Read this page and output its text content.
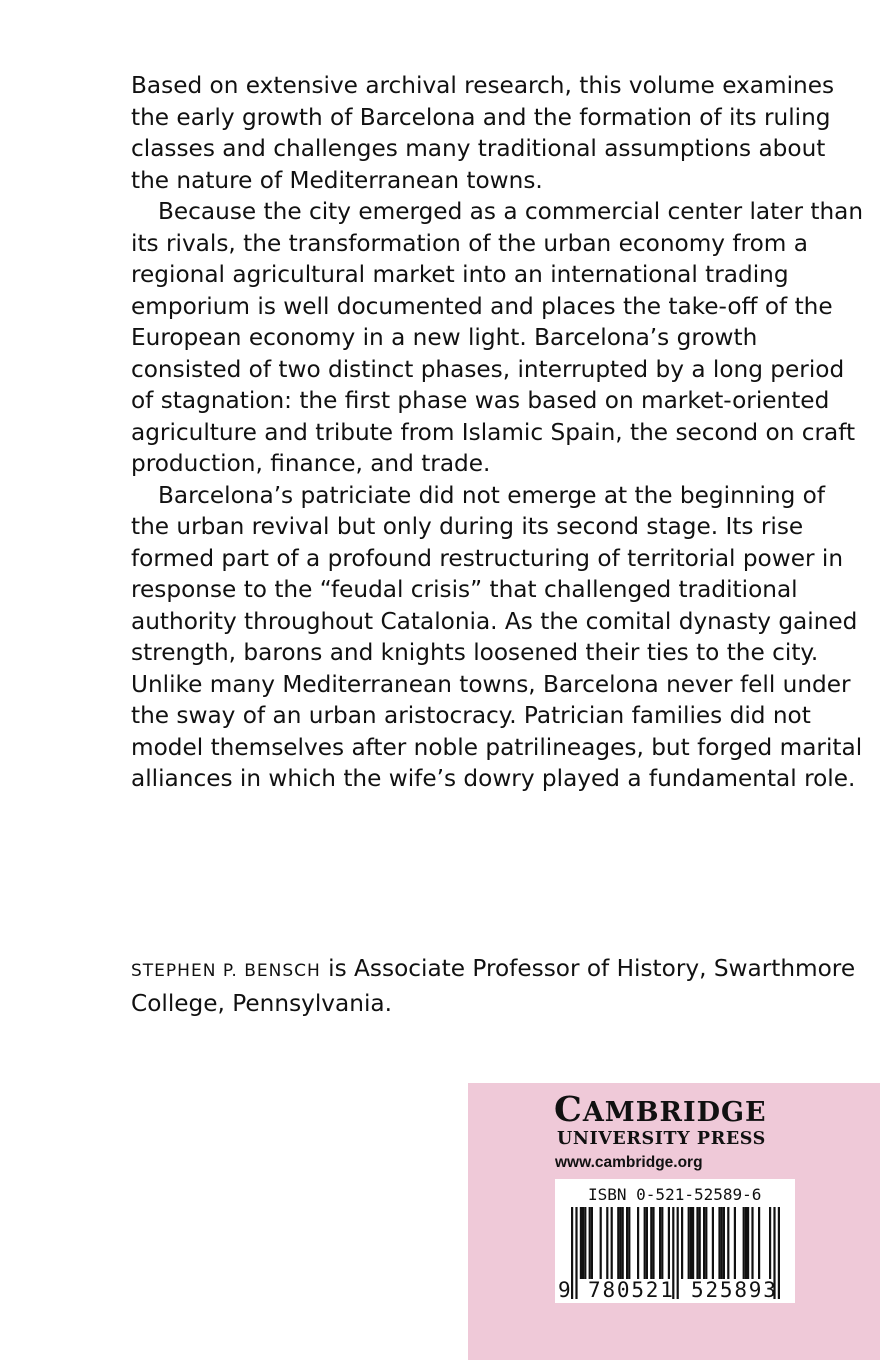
Based on extensive archival research, this volume examines the early growth of Barcelona and the formation of its ruling classes and challenges many traditional assumptions about the nature of Mediterranean towns.

Because the city emerged as a commercial center later than its rivals, the transformation of the urban economy from a regional agricultural market into an international trading emporium is well documented and places the take-off of the European economy in a new light. Barcelona’s growth consisted of two distinct phases, interrupted by a long period of stagnation: the first phase was based on market-oriented agriculture and tribute from Islamic Spain, the second on craft production, finance, and trade.

Barcelona’s patriciate did not emerge at the beginning of the urban revival but only during its second stage. Its rise formed part of a profound restructuring of territorial power in response to the “feudal crisis” that challenged traditional authority throughout Catalonia. As the comital dynasty gained strength, barons and knights loosened their ties to the city. Unlike many Mediterranean towns, Barcelona never fell under the sway of an urban aristocracy. Patrician families did not model themselves after noble patrilineages, but forged marital alliances in which the wife’s dowry played a fundamental role.

STEPHEN P. BENSCH is Associate Professor of History, Swarthmore College, Pennsylvania.

CAMBRIDGE
UNIVERSITY PRESS
www.cambridge.org
ISBN 0-521-52589-6
9 780521 525893
